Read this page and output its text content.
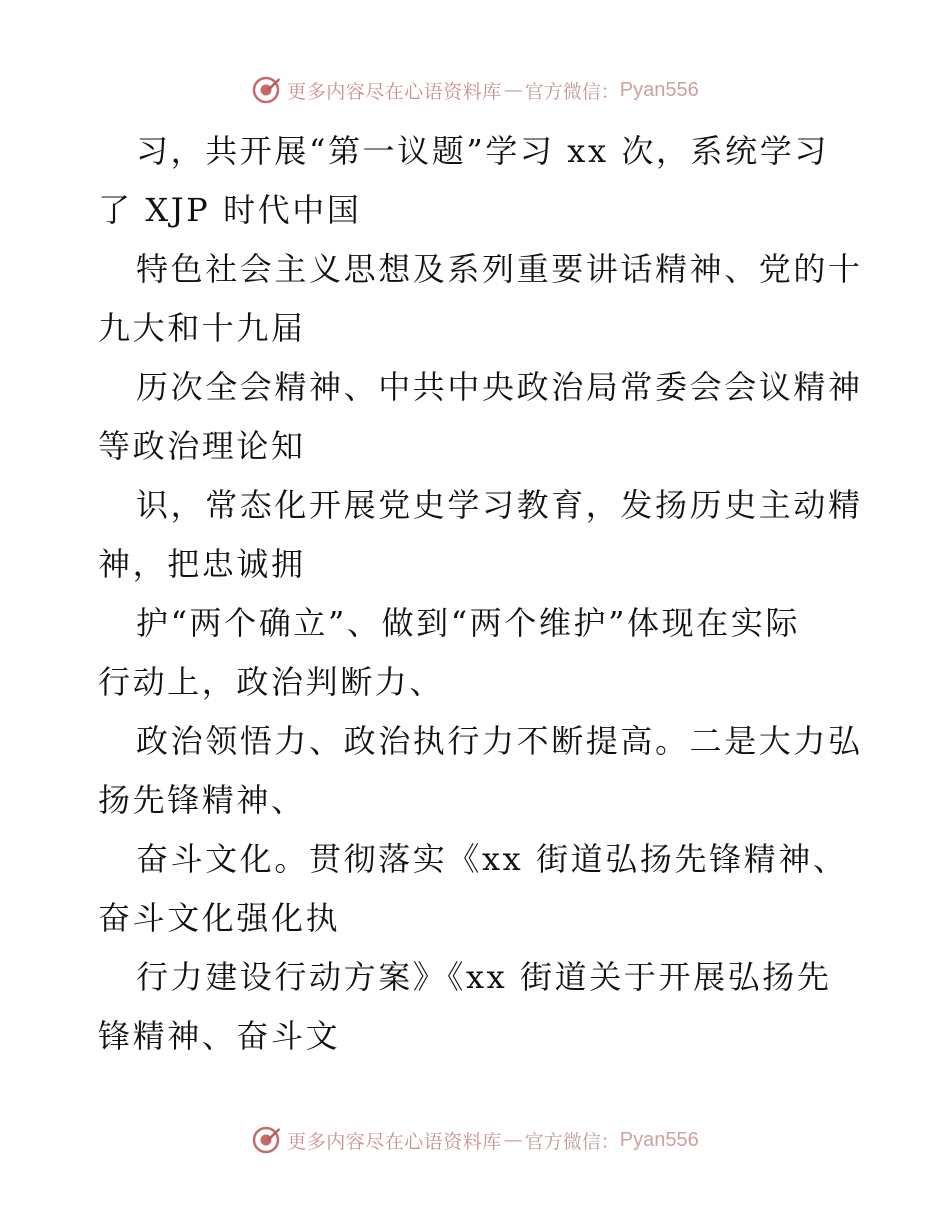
更多内容尽在心语资料库 — 官方微信： Pyan556
习，共开展“第一议题”学习 xx 次，系统学习
了 XJP 时代中国
特色社会主义思想及系列重要讲话精神、党的十
九大和十九届
历次全会精神、中共中央政治局常委会会议精神
等政治理论知
识，常态化开展党史学习教育，发扬历史主动精
神，把忠诚拥
护“两个确立”、做到“两个维护”体现在实际
行动上，政治判断力、
政治领悟力、政治执行力不断提高。二是大力弘
扬先锋精神、
奋斗文化。贯彻落实《xx 街道弘扬先锋精神、
奋斗文化强化执
行力建设行动方案》《xx 街道关于开展弘扬先
锋精神、奋斗文
更多内容尽在心语资料库 — 官方微信： Pyan556
